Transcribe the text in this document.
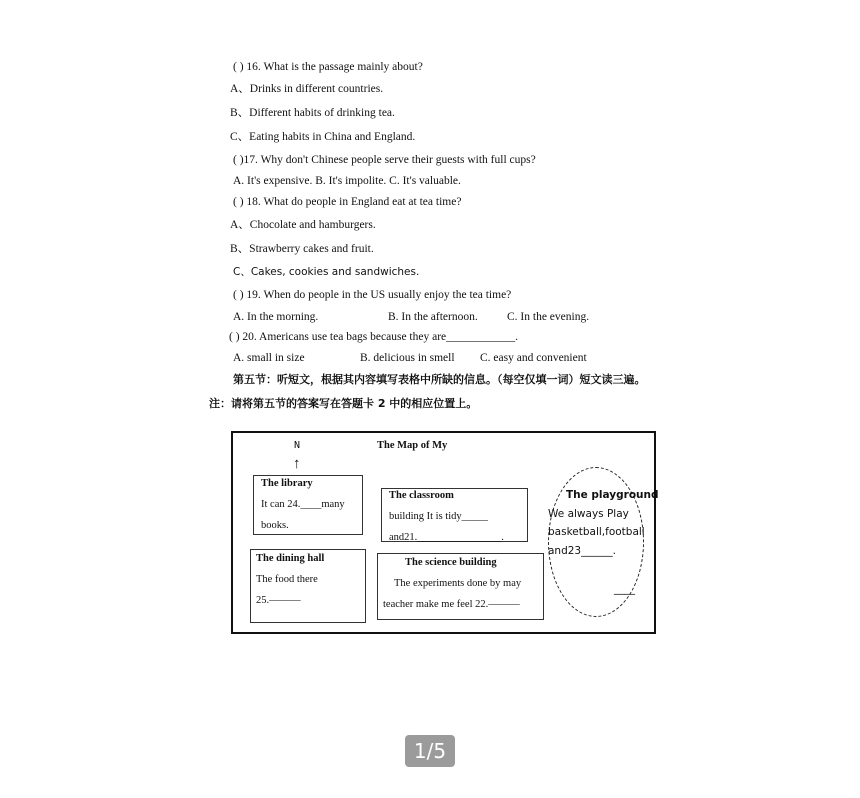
( ) 16. What is the passage mainly about?
A、Drinks in different countries.
B、Different habits of drinking tea.
C、Eating habits in China and England.
( )17. Why don't Chinese people serve their guests with full cups?
A. It's expensive. B. It's impolite. C. It's valuable.
( ) 18. What do people in England eat at tea time?
A、Chocolate and hamburgers.
B、Strawberry cakes and fruit.
C、Cakes, cookies and sandwiches.
( ) 19. When do people in the US usually enjoy the tea time?
A. In the morning.	B. In the afternoon.	C. In the evening.
( ) 20. Americans use tea bags because they are____________.
A. small in size	B. delicious in smell C. easy and convenient
第五节：听短文，根据其内容填写表格中所缺的信息。（每空仅填一词）短文读三遍。
注：请将第五节的答案写在答题卡 2 中的相应位置上。
N
↑
The Map of My
The library
It can 24.____many
books.
The classroom
building It is tidy_____
and21.________________.
The playground
We always Play
basketball,football
and23______.
____
The dining hall
The food there
25.———
The science building
The experiments done by may
teacher make me feel 22.———
1/5
